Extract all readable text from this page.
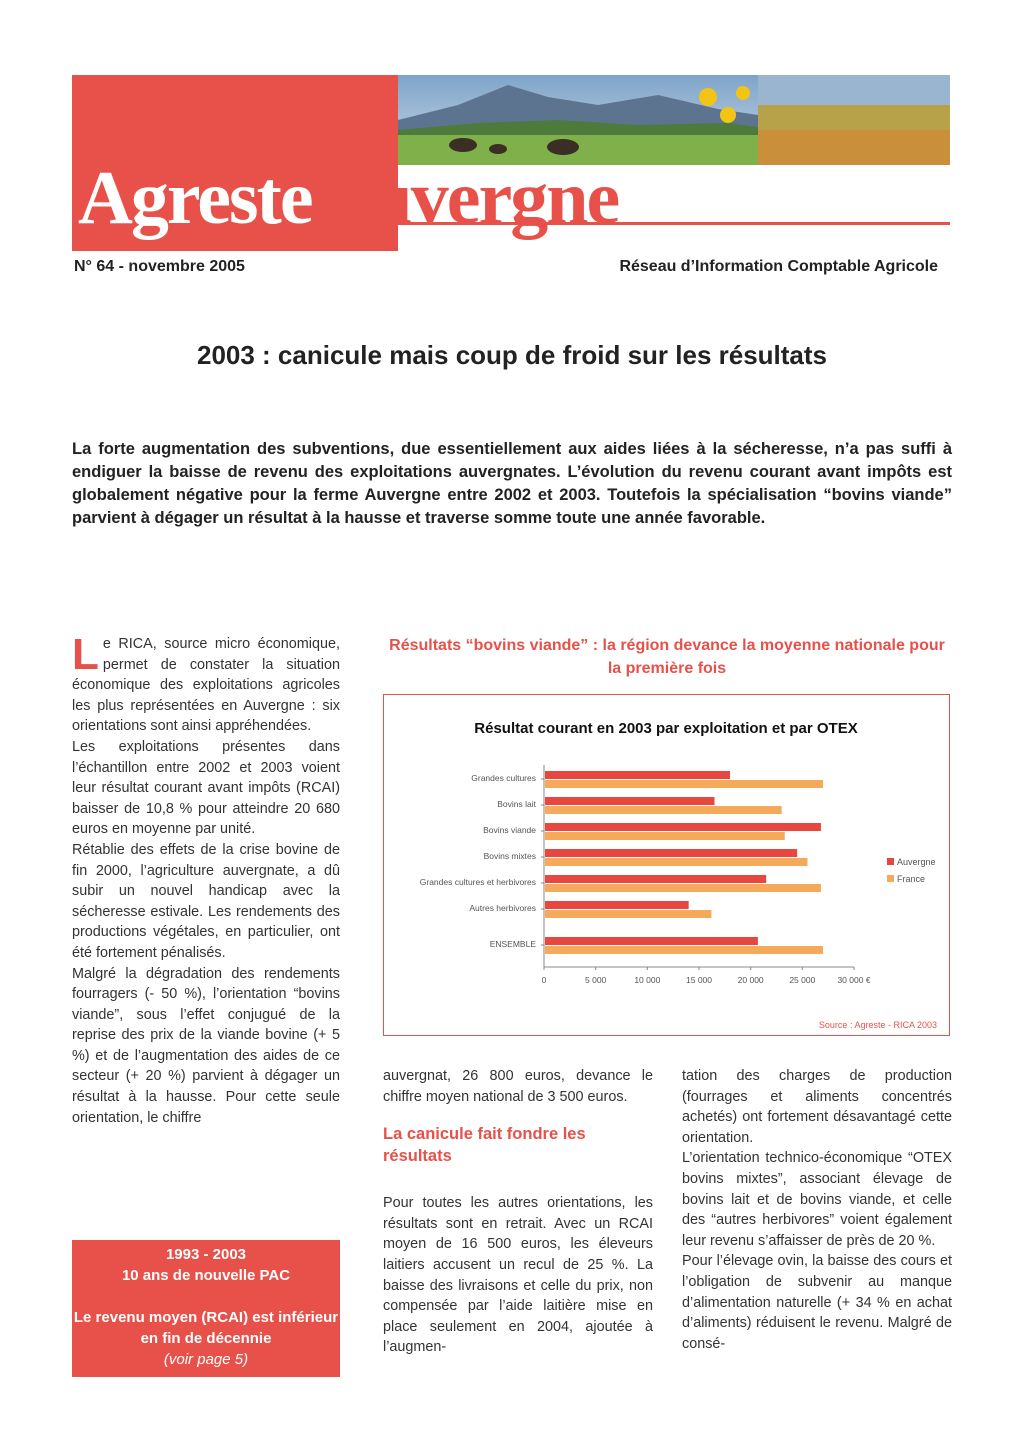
AgresteAuvergne
N° 64 - novembre 2005	Réseau d’Information Comptable Agricole
2003 : canicule mais coup de froid sur les résultats
La forte augmentation des subventions, due essentiellement aux aides liées à la sécheresse, n’a pas suffi à endiguer la baisse de revenu des exploitations auvergnates. L’évolution du revenu courant avant impôts est globalement négative pour la ferme Auvergne entre 2002 et 2003. Toutefois la spécialisation “bovins viande” parvient à dégager un résultat à la hausse et traverse somme toute une année favorable.

Le RICA, source micro économique, permet de constater la situation économique des exploitations agricoles les plus représentées en Auvergne : six orientations sont ainsi appréhendées.

Les exploitations présentes dans l’échantillon entre 2002 et 2003 voient leur résultat courant avant impôts (RCAI) baisser de 10,8 % pour atteindre 20 680 euros en moyenne par unité.

Rétablie des effets de la crise bovine de fin 2000, l’agriculture auvergnate, a dû subir un nouvel handicap avec la sécheresse estivale. Les rendements des productions végétales, en particulier, ont été fortement pénalisés.

Malgré la dégradation des rendements fourragers (- 50 %), l’orientation “bovins viande”, sous l’effet conjugué de la reprise des prix de la viande bovine (+ 5 %) et de l’augmentation des aides de ce secteur (+ 20 %) parvient à dégager un résultat à la hausse. Pour cette seule orientation, le chiffre

1993 - 2003
10 ans de nouvelle PAC
Le revenu moyen (RCAI) est inférieur en fin de décennie
(voir page 5)
Résultats “bovins viande” : la région devance la moyenne nationale pour la première fois
Résultat courant en 2003 par exploitation et par OTEX
Grandes cultures
Bovins lait
Bovins viande
Bovins mixtes
Grandes cultures et herbivores
Autres herbivores
ENSEMBLE
0	5 000	10 000	15 000	20 000	25 000	30 000 €
Auvergne
France
Source : Agreste - RICA 2003

auvergnat, 26 800 euros, devance le chiffre moyen national de 3 500 euros.

La canicule fait fondre les résultats

Pour toutes les autres orientations, les résultats sont en retrait. Avec un RCAI moyen de 16 500 euros, les éleveurs laitiers accusent un recul de 25 %. La baisse des livraisons et celle du prix, non compensée par l’aide laitière mise en place seulement en 2004, ajoutée à l’augmen-

tation des charges de production (fourrages et aliments concentrés achetés) ont fortement désavantagé cette orientation.

L’orientation technico-économique “OTEX bovins mixtes”, associant élevage de bovins lait et de bovins viande, et celle des “autres herbivores” voient également leur revenu s’affaisser de près de 20 %.

Pour l’élevage ovin, la baisse des cours et l’obligation de subvenir au manque d’alimentation naturelle (+ 34 % en achat d’aliments) réduisent le revenu. Malgré de consé-
